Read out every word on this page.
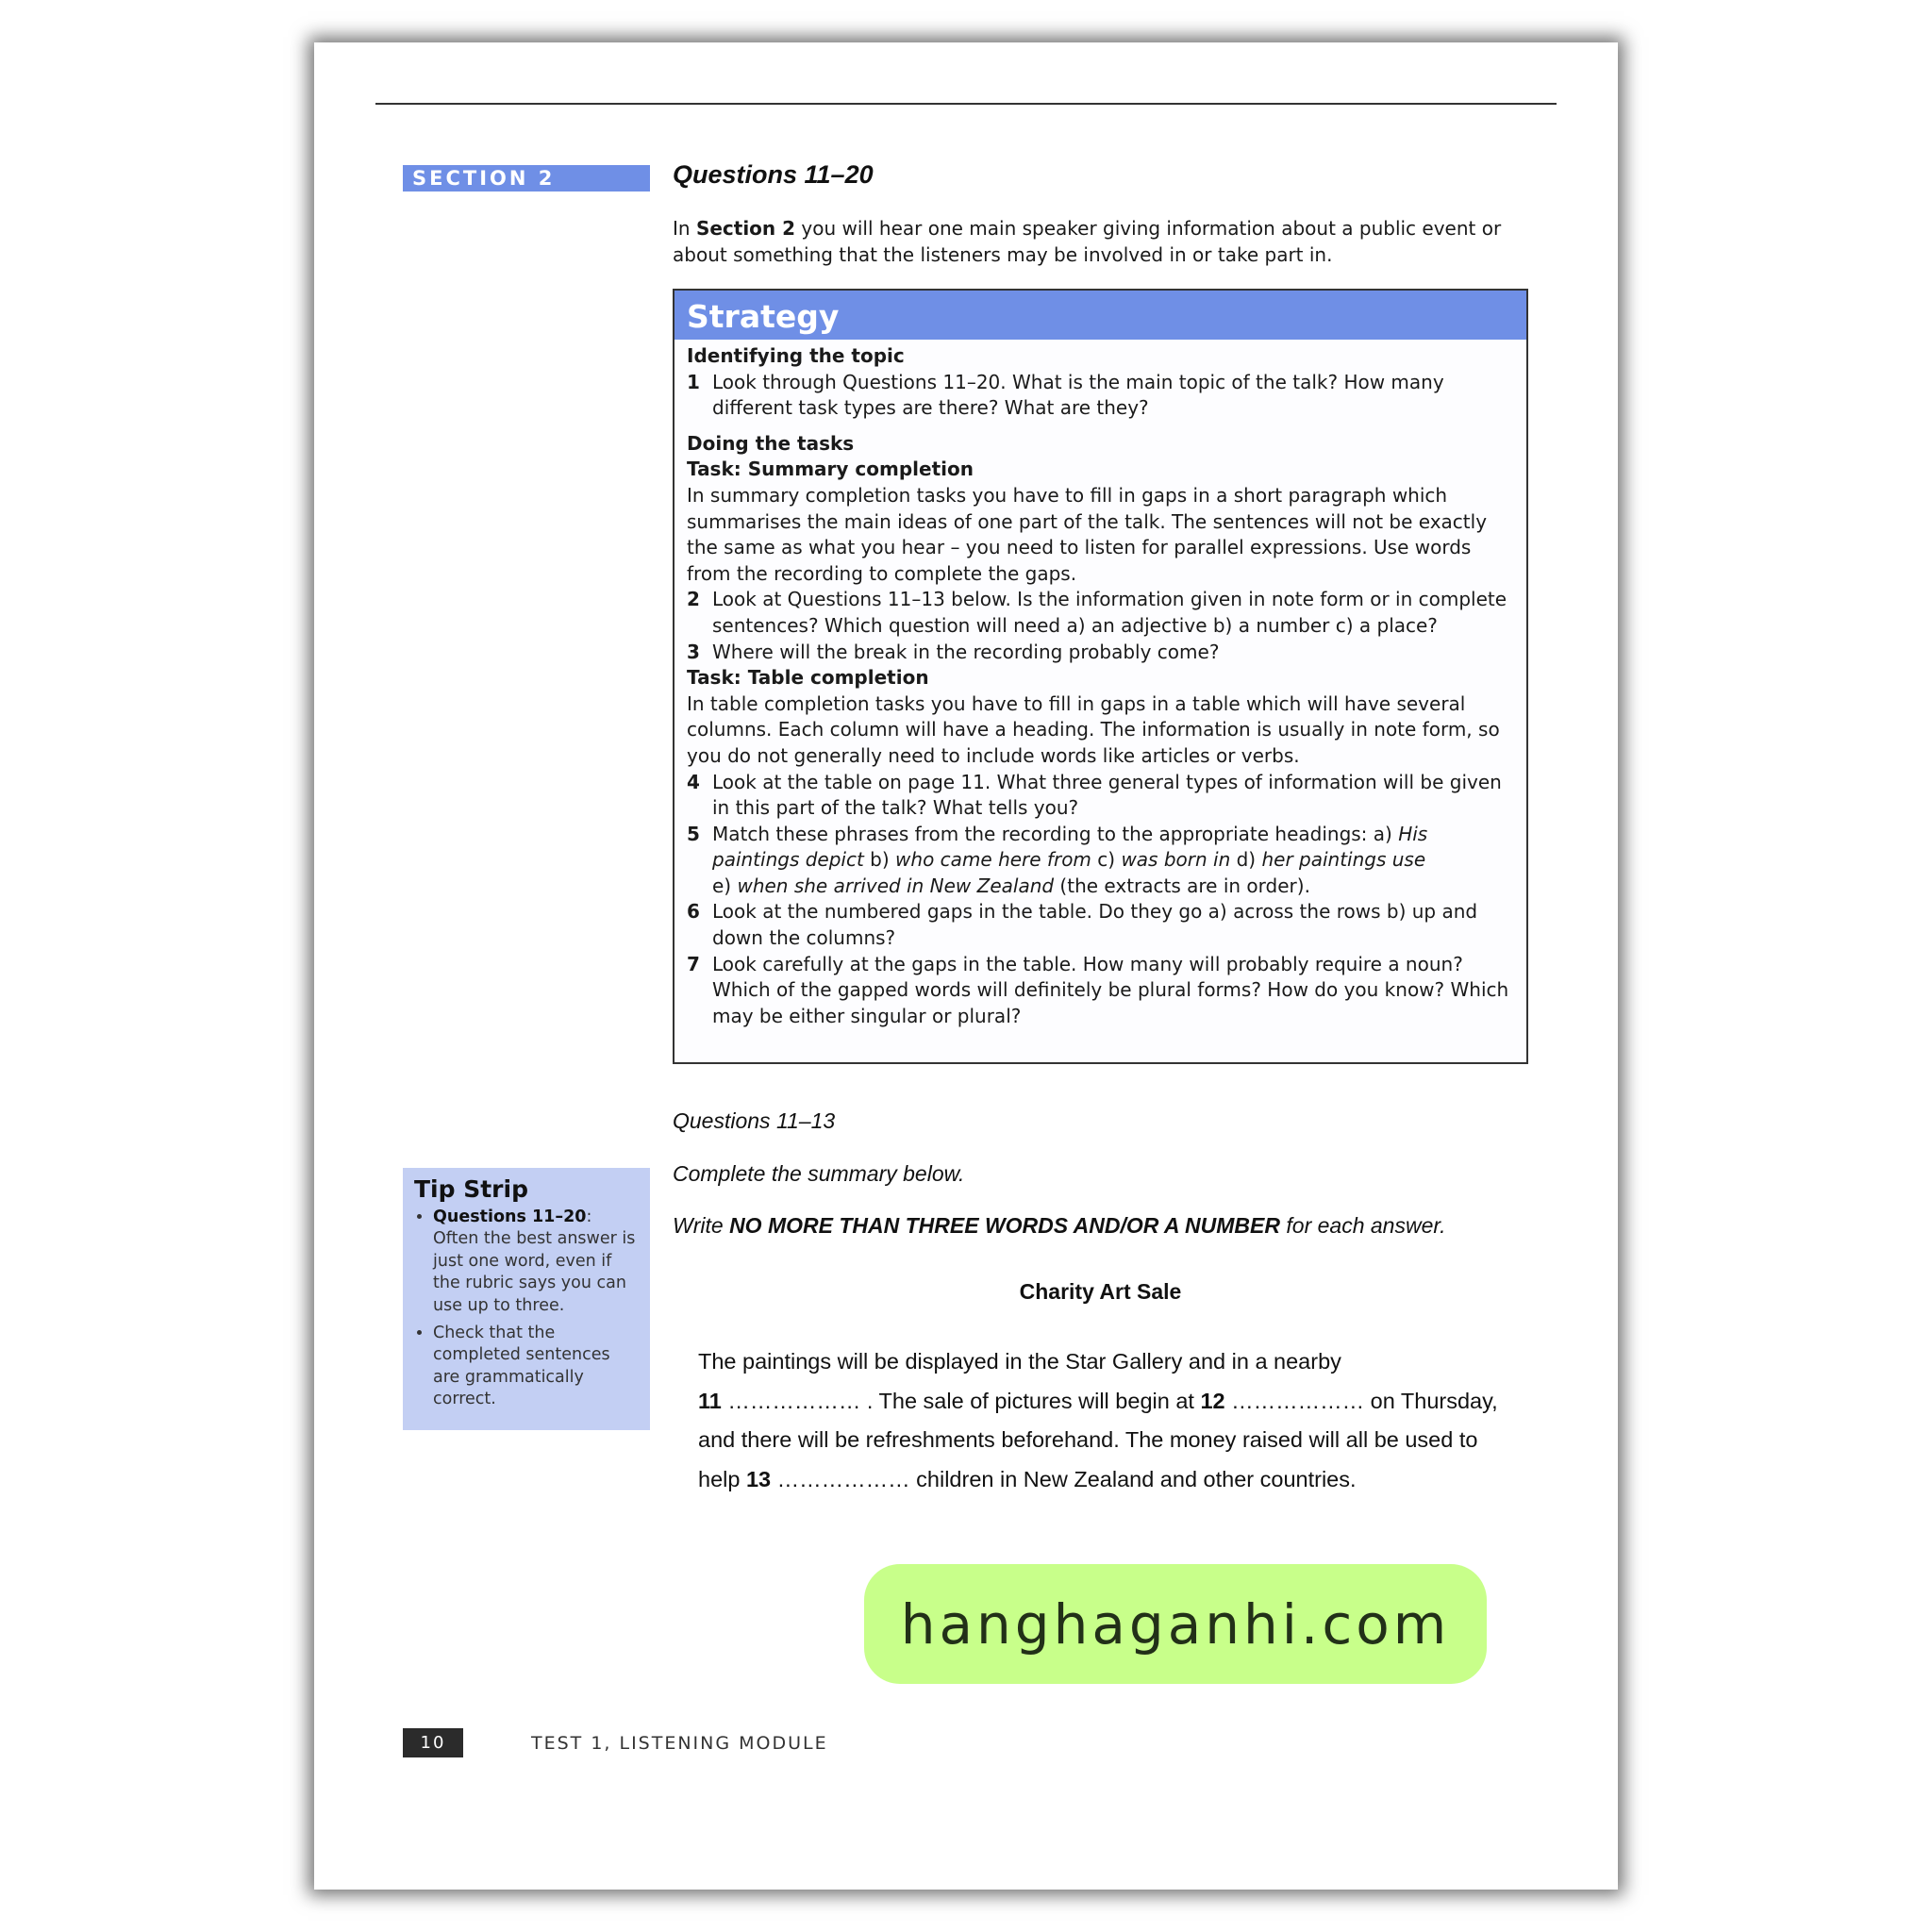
SECTION 2	Questions 11–20
In Section 2 you will hear one main speaker giving information about a public event or about something that the listeners may be involved in or take part in.
Strategy
Identifying the topic
1 Look through Questions 11–20. What is the main topic of the talk? How many different task types are there? What are they?
Doing the tasks
Task: Summary completion

In summary completion tasks you have to fill in gaps in a short paragraph which summarises the main ideas of one part of the talk. The sentences will not be exactly the same as what you hear – you need to listen for parallel expressions. Use words from the recording to complete the gaps.

2 Look at Questions 11–13 below. Is the information given in note form or in complete sentences? Which question will need a) an adjective b) a number c) a place?
3 Where will the break in the recording probably come?
Task: Table completion

In table completion tasks you have to fill in gaps in a table which will have several columns. Each column will have a heading. The information is usually in note form, so you do not generally need to include words like articles or verbs.

4 Look at the table on page 11. What three general types of information will be given in this part of the talk? What tells you?
5 Match these phrases from the recording to the appropriate headings: a) His paintings depict b) who came here from c) was born in d) her paintings use
e) when she arrived in New Zealand (the extracts are in order).
6 Look at the numbered gaps in the table. Do they go a) across the rows b) up and down the columns?
7 Look carefully at the gaps in the table. How many will probably require a noun? Which of the gapped words will definitely be plural forms? How do you know? Which may be either singular or plural?
Questions 11–13
Complete the summary below.
Write NO MORE THAN THREE WORDS AND/OR A NUMBER for each answer.
Tip Strip
• Questions 11–20: Often the best answer is just one word, even if the rubric says you can use up to three.
• Check that the completed sentences are grammatically correct.
Charity Art Sale
The paintings will be displayed in the Star Gallery and in a nearby
11 ……………… . The sale of pictures will begin at 12 ……………… on Thursday, and there will be refreshments beforehand. The money raised will all be used to help 13 ……………… children in New Zealand and other countries.
hanghaganhi.com
10	TEST 1, LISTENING MODULE
